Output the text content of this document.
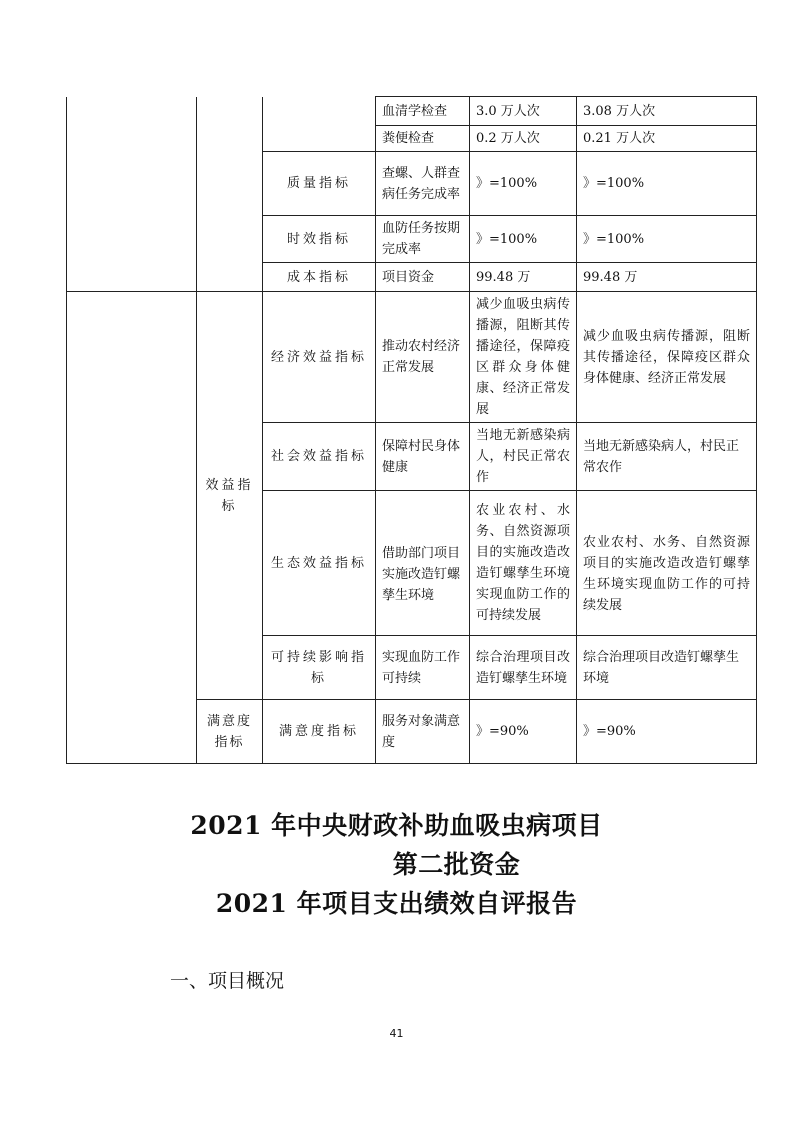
			血清学检查	3.0 万人次	3.08 万人次
			粪便检查	0.2 万人次	0.21 万人次
		质量指标	查螺、人群查病任务完成率	》=100%	》=100%
		时效指标	血防任务按期完成率	》=100%	》=100%
		成本指标	项目资金	99.48 万	99.48 万
	效益指标	经济效益指标	推动农村经济正常发展	减少血吸虫病传播源，阻断其传播途径，保障疫区群众身体健康、经济正常发展	减少血吸虫病传播源，阻断其传播途径，保障疫区群众身体健康、经济正常发展
		社会效益指标	保障村民身体健康	当地无新感染病人，村民正常农作	当地无新感染病人，村民正常农作
		生态效益指标	借助部门项目实施改造钉螺孳生环境	农业农村、水务、自然资源项目的实施改造改造钉螺孳生环境实现血防工作的可持续发展	农业农村、水务、自然资源项目的实施改造改造钉螺孳生环境实现血防工作的可持续发展
		可持续影响指标	实现血防工作可持续	综合治理项目改造钉螺孳生环境	综合治理项目改造钉螺孳生环境
	满意度指标	满意度指标	服务对象满意度	》=90%	》=90%
2021 年中央财政补助血吸虫病项目
第二批资金
2021 年项目支出绩效自评报告
一、项目概况
41
